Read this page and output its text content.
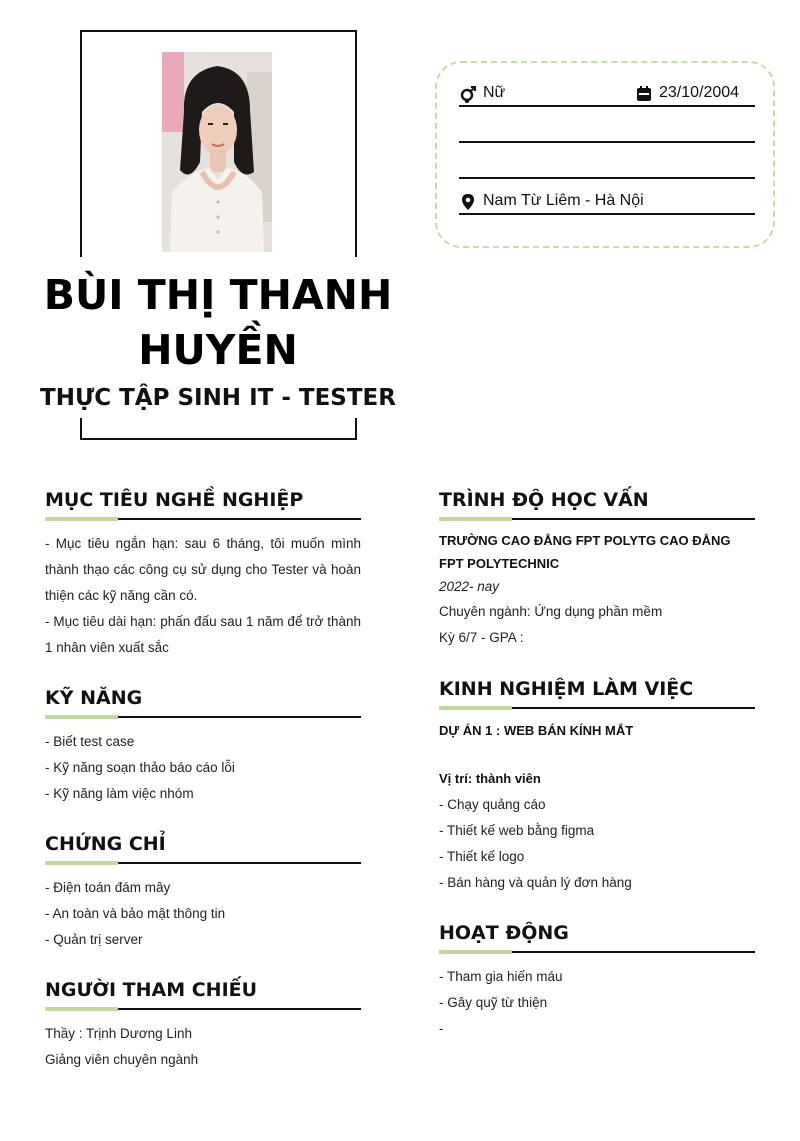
BÙI THỊ THANH HUYỀN
THỰC TẬP SINH IT - TESTER
Nữ	23/10/2004
Nam Từ Liêm - Hà Nội
MỤC TIÊU NGHỀ NGHIỆP

- Mục tiêu ngắn hạn: sau 6 tháng, tôi muốn mình thành thạo các công cụ sử dụng cho Tester và hoàn thiện các kỹ năng cần có.

- Mục tiêu dài hạn: phấn đấu sau 1 năm để trở thành 1 nhân viên xuất sắc

KỸ NĂNG

- Biết test case

- Kỹ năng soạn thảo báo cáo lỗi

- Kỹ năng làm việc nhóm

CHỨNG CHỈ

- Điện toán đám mây

- An toàn và bảo mật thông tin

- Quản trị server

NGƯỜI THAM CHIẾU

Thầy : Trịnh Dương Linh

Giảng viên chuyên ngành

TRÌNH ĐỘ HỌC VẤN

TRƯỜNG CAO ĐẲNG FPT POLYTG CAO ĐẲNG FPT POLYTECHNIC

2022- nay

Chuyên ngành: Ứng dụng phần mềm

Kỳ 6/7 - GPA :

KINH NGHIỆM LÀM VIỆC

DỰ ÁN 1 : WEB BÁN KÍNH MẮT

Vị trí: thành viên

- Chạy quảng cáo

- Thiết kế web bằng figma

- Thiết kế logo

- Bán hàng và quản lý đơn hàng

HOẠT ĐỘNG

- Tham gia hiến máu

- Gây quỹ từ thiện

-
